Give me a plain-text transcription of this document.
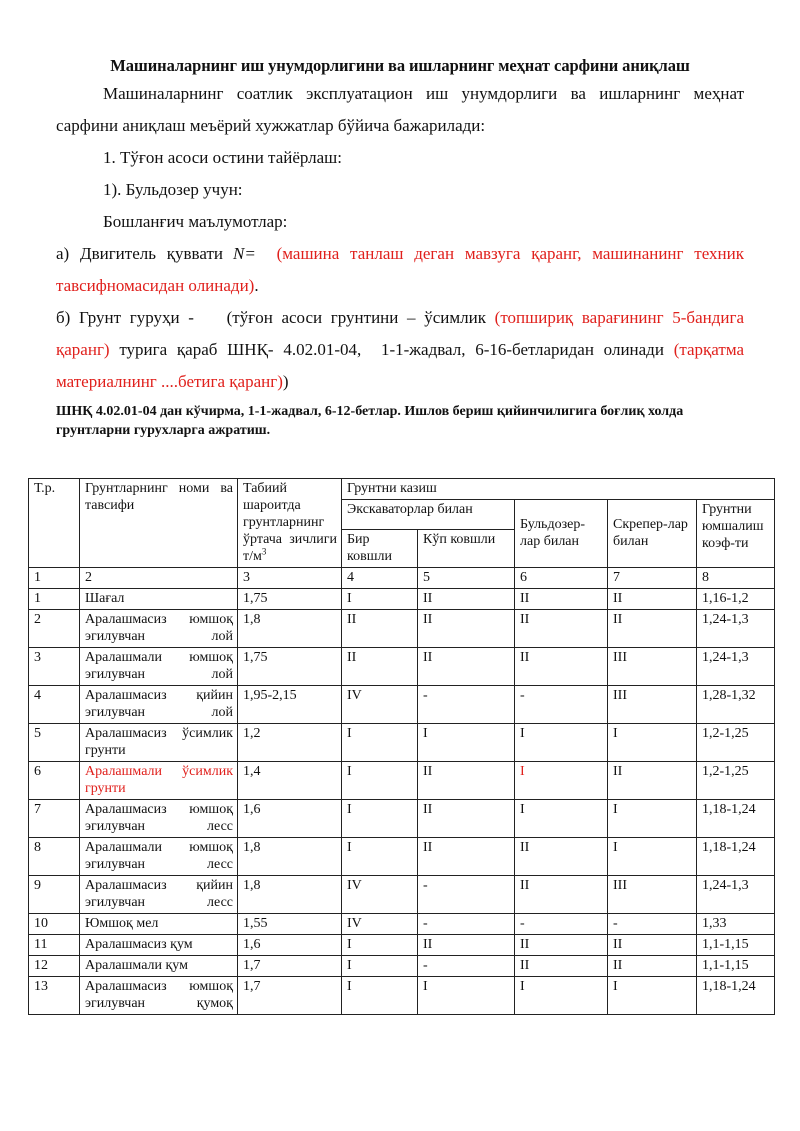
Машиналарнинг иш унумдорлигини ва ишларнинг меҳнат сарфини аниқлаш

Машиналарнинг соатлик эксплуатацион иш унумдорлиги ва ишларнинг меҳнат сарфини аниқлаш меъёрий хужжатлар бўйича бажарилади:

1. Тўғон асоси остини тайёрлаш:

1). Бульдозер учун:

Бошланғич маълумотлар:

а) Двигитель қуввати N= (машина танлаш деган мавзуга қаранг, машинанинг техник тавсифномасидан олинади).

б) Грунт гуруҳи - (тўғон асоси грунтини – ўсимлик (топшириқ варағининг 5-бандига қаранг) турига қараб ШНҚ- 4.02.01-04, 1-1-жадвал, 6-16-бетларидан олинади (тарқатма материалнинг ....бетига қаранг))

ШНҚ 4.02.01-04 дан кўчирма, 1-1-жадвал, 6-12-бетлар. Ишлов бериш қийинчилигига боғлиқ холда грунтларни гурухларга ажратиш.

Т.р.	Грунтларнинг номи ва тавсифи	Табиий шароитда грунтларнинг ўртача зичлиги $т/м^3$	Грунтни казиш				
			Экскаваторлар билан		Бульдозер-лар билан	Скрепер-лар билан	Грунтни юмшалиш коэф-ти
			Бир ковшли	Кўп ковшли			
1	2	3	4	5	6	7	8
1	Шағал	1,75	I	II	II	II	1,16-1,2
2	Аралашмасиз юмшоқ эгилувчан лой	1,8	II	II	II	II	1,24-1,3
3	Аралашмали юмшоқ эгилувчан лой	1,75	II	II	II	III	1,24-1,3
4	Аралашмасиз қийин эгилувчан лой	1,95-2,15	IV	-	-	III	1,28-1,32
5	Аралашмасиз ўсимлик грунти	1,2	I	I	I	I	1,2-1,25
6	Аралашмали ўсимлик грунти	1,4	I	II	I	II	1,2-1,25
7	Аралашмасиз юмшоқ эгилувчан лесс	1,6	I	II	I	I	1,18-1,24
8	Аралашмали юмшоқ эгилувчан лесс	1,8	I	II	II	I	1,18-1,24
9	Аралашмасиз қийин эгилувчан лесс	1,8	IV	-	II	III	1,24-1,3
10	Юмшоқ мел	1,55	IV	-	-	-	1,33
11	Аралашмасиз қум	1,6	I	II	II	II	1,1-1,15
12	Аралашмали қум	1,7	I	-	II	II	1,1-1,15
13	Аралашмасиз юмшоқ эгилувчан қумоқ	1,7	I	I	I	I	1,18-1,24
